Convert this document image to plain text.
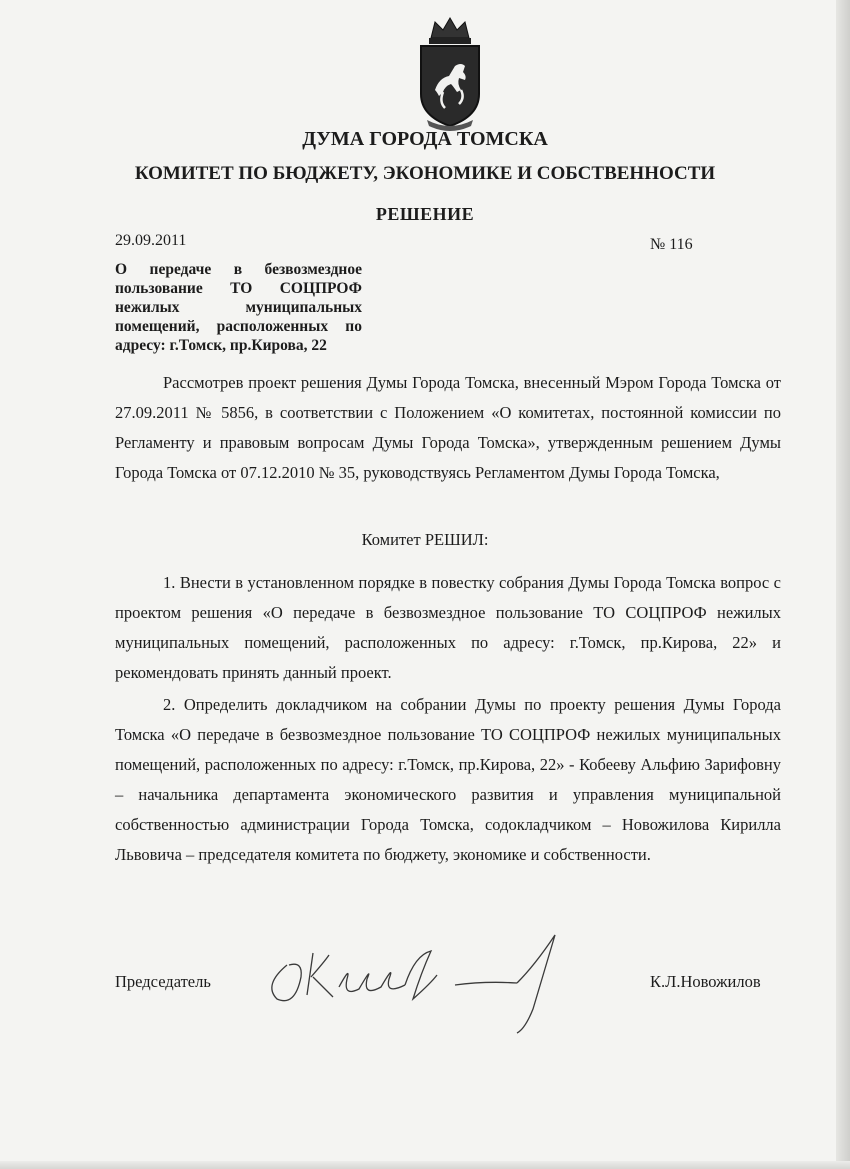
ДУМА ГОРОДА ТОМСКА
КОМИТЕТ ПО БЮДЖЕТУ, ЭКОНОМИКЕ И СОБСТВЕННОСТИ
РЕШЕНИЕ
29.09.2011	№ 116
О передаче в безвозмездное пользование ТО СОЦПРОФ нежилых муниципальных помещений, расположенных по адресу: г.Томск, пр.Кирова, 22
Рассмотрев проект решения Думы Города Томска, внесенный Мэром Города Томска от 27.09.2011 № 5856, в соответствии с Положением «О комитетах, постоянной комиссии по Регламенту и правовым вопросам Думы Города Томска», утвержденным решением Думы Города Томска от 07.12.2010 № 35, руководствуясь Регламентом Думы Города Томска,
Комитет РЕШИЛ:
1. Внести в установленном порядке в повестку собрания Думы Города Томска вопрос с проектом решения «О передаче в безвозмездное пользование ТО СОЦПРОФ нежилых муниципальных помещений, расположенных по адресу: г.Томск, пр.Кирова, 22» и рекомендовать принять данный проект.
2. Определить докладчиком на собрании Думы по проекту решения Думы Города Томска «О передаче в безвозмездное пользование ТО СОЦПРОФ нежилых муниципальных помещений, расположенных по адресу: г.Томск, пр.Кирова, 22» - Кобееву Альфию Зарифовну – начальника департамента экономического развития и управления муниципальной собственностью администрации Города Томска, содокладчиком – Новожилова Кирилла Львовича – председателя комитета по бюджету, экономике и собственности.
Председатель	К.Л.Новожилов
